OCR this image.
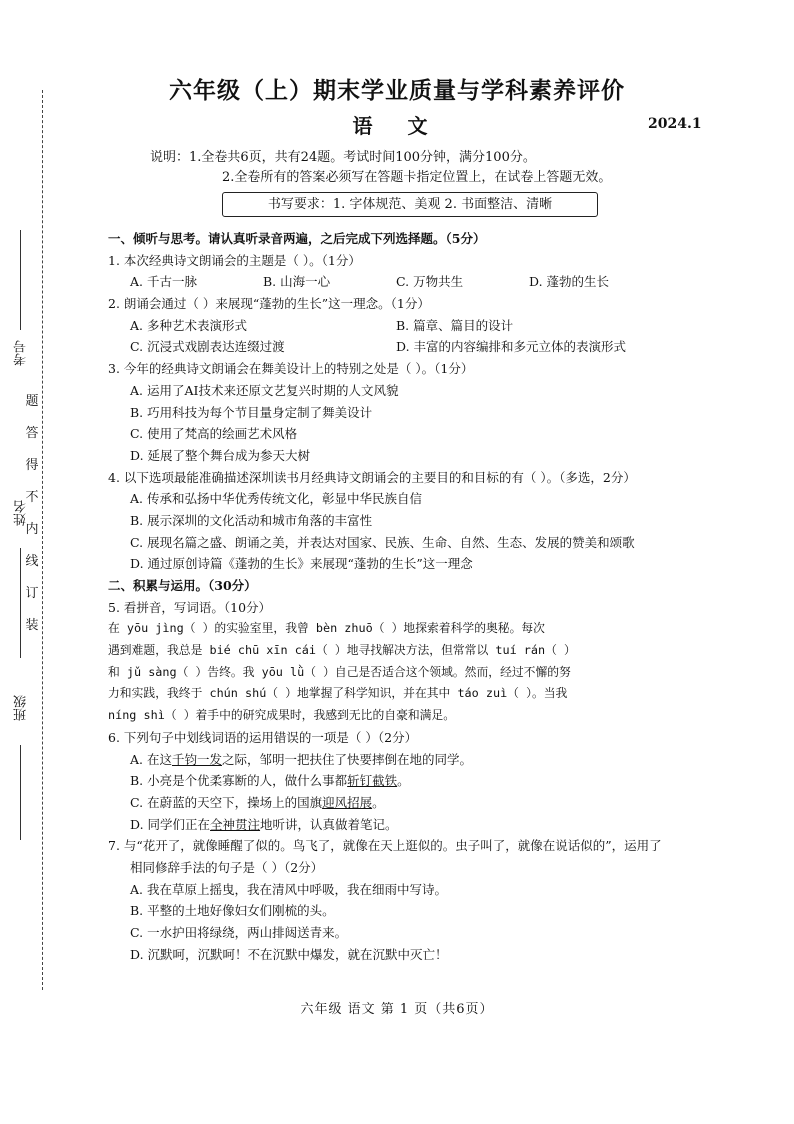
考号
姓名
班级
题
答
得
不
内
线
订
装
六年级（上）期末学业质量与学科素养评价
语 文	2024.1
说明：1.全卷共6页，共有24题。考试时间100分钟，满分100分。
2.全卷所有的答案必须写在答题卡指定位置上，在试卷上答题无效。
书写要求：1. 字体规范、美观 2. 书面整洁、清晰
一、倾听与思考。请认真听录音两遍，之后完成下列选择题。（5分）
1. 本次经典诗文朗诵会的主题是（ ）。（1分）
A. 千古一脉	B. 山海一心	C. 万物共生	D. 蓬勃的生长
2. 朗诵会通过（ ）来展现“蓬勃的生长”这一理念。（1分）
A. 多种艺术表演形式	B. 篇章、篇目的设计
C. 沉浸式戏剧表达连缀过渡	D. 丰富的内容编排和多元立体的表演形式
3. 今年的经典诗文朗诵会在舞美设计上的特别之处是（ ）。（1分）
A. 运用了AI技术来还原文艺复兴时期的人文风貌
B. 巧用科技为每个节目量身定制了舞美设计
C. 使用了梵高的绘画艺术风格
D. 延展了整个舞台成为参天大树
4. 以下选项最能准确描述深圳读书月经典诗文朗诵会的主要目的和目标的有（ ）。（多选，2分）
A. 传承和弘扬中华优秀传统文化，彰显中华民族自信
B. 展示深圳的文化活动和城市角落的丰富性
C. 展现名篇之盛、朗诵之美，并表达对国家、民族、生命、自然、生态、发展的赞美和颂歌
D. 通过原创诗篇《蓬勃的生长》来展现“蓬勃的生长”这一理念
二、积累与运用。（30分）
5. 看拼音，写词语。（10分）
在 yōu jìng（ ）的实验室里，我曾 bèn zhuō（ ）地探索着科学的奥秘。每次
遇到难题，我总是 bié chū xīn cái（ ）地寻找解决方法，但常常以 tuí rán（ ）
和 jǔ sàng（ ）告终。我 yōu lǜ（ ）自己是否适合这个领域。然而，经过不懈的努
力和实践，我终于 chún shú（ ）地掌握了科学知识，并在其中 táo zuì（ ）。当我
níng shì（ ）着手中的研究成果时，我感到无比的自豪和满足。
6. 下列句子中划线词语的运用错误的一项是（ ）（2分）
A. 在这千钧一发之际，邹明一把扶住了快要摔倒在地的同学。
B. 小亮是个优柔寡断的人，做什么事都斩钉截铁。
C. 在蔚蓝的天空下，操场上的国旗迎风招展。
D. 同学们正在全神贯注地听讲，认真做着笔记。
7. 与“花开了，就像睡醒了似的。鸟飞了，就像在天上逛似的。虫子叫了，就像在说话似的”，运用了
相同修辞手法的句子是（ ）（2分）
A. 我在草原上摇曳，我在清风中呼吸，我在细雨中写诗。
B. 平整的土地好像妇女们刚梳的头。
C. 一水护田将绿绕，两山排闼送青来。
D. 沉默呵，沉默呵！不在沉默中爆发，就在沉默中灭亡！
六年级 语文 第 1 页（共6页）
